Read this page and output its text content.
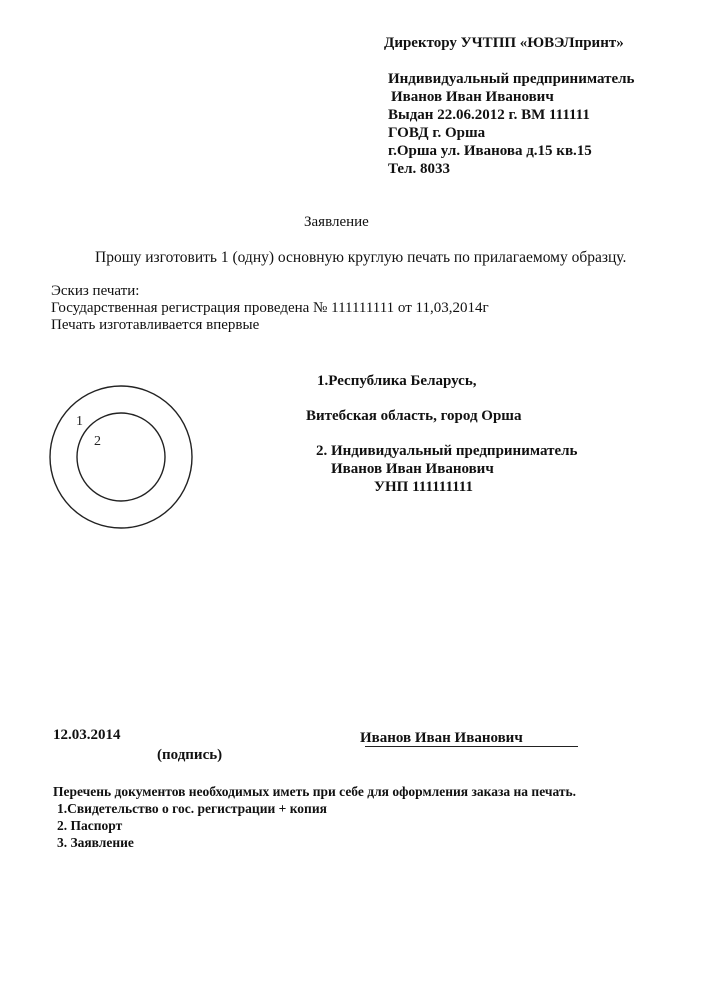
Директору УЧТПП «ЮВЭЛпринт»
Индивидуальный предприниматель
Иванов Иван Иванович
Выдан 22.06.2012 г. ВМ 111111
ГОВД г. Орша
г.Орша ул. Иванова д.15 кв.15
Тел. 8033
Заявление
Прошу изготовить 1 (одну) основную круглую печать по прилагаемому образцу.
Эскиз печати:
Государственная регистрация проведена № 111111111 от 11,03,2014г
Печать изготавливается впервые
1
2
1.Республика Беларусь,
Витебская область, город Орша
2. Индивидуальный предприниматель
Иванов Иван Иванович
УНП 111111111
12.03.2014	Иванов Иван Иванович
(подпись)
Перечень документов необходимых иметь при себе для оформления заказа на печать.
1.Свидетельство о гос. регистрации + копия
2. Паспорт
3. Заявление
